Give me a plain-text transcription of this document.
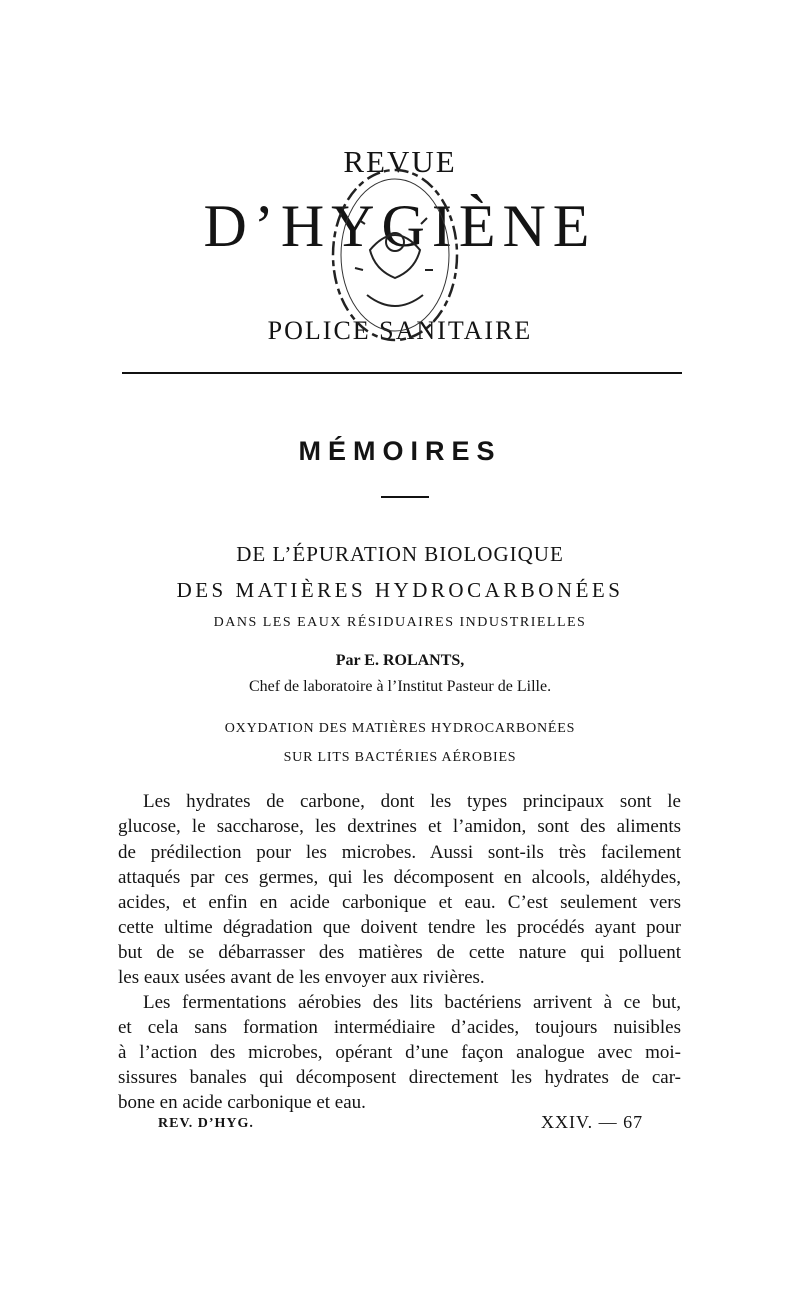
REVUE
D’HYGIÈNE
POLICE SANITAIRE
MÉMOIRES
DE L’ÉPURATION BIOLOGIQUE
DES MATIÈRES HYDROCARBONÉES
DANS LES EAUX RÉSIDUAIRES INDUSTRIELLES
Par E. ROLANTS,
Chef de laboratoire à l’Institut Pasteur de Lille.
OXYDATION DES MATIÈRES HYDROCARBONÉES
SUR LITS BACTÉRIES AÉROBIES
Les hydrates de carbone, dont les types principaux sont le
glucose, le saccharose, les dextrines et l’amidon, sont des aliments
de prédilection pour les microbes. Aussi sont-ils très facilement
attaqués par ces germes, qui les décomposent en alcools, aldéhydes,
acides, et enfin en acide carbonique et eau. C’est seulement vers
cette ultime dégradation que doivent tendre les procédés ayant pour
but de se débarrasser des matières de cette nature qui polluent
les eaux usées avant de les envoyer aux rivières.
Les fermentations aérobies des lits bactériens arrivent à ce but,
et cela sans formation intermédiaire d’acides, toujours nuisibles
à l’action des microbes, opérant d’une façon analogue avec moi-
sissures banales qui décomposent directement les hydrates de car-
bone en acide carbonique et eau.
REV. D’HYG.	XXIV. — 67
